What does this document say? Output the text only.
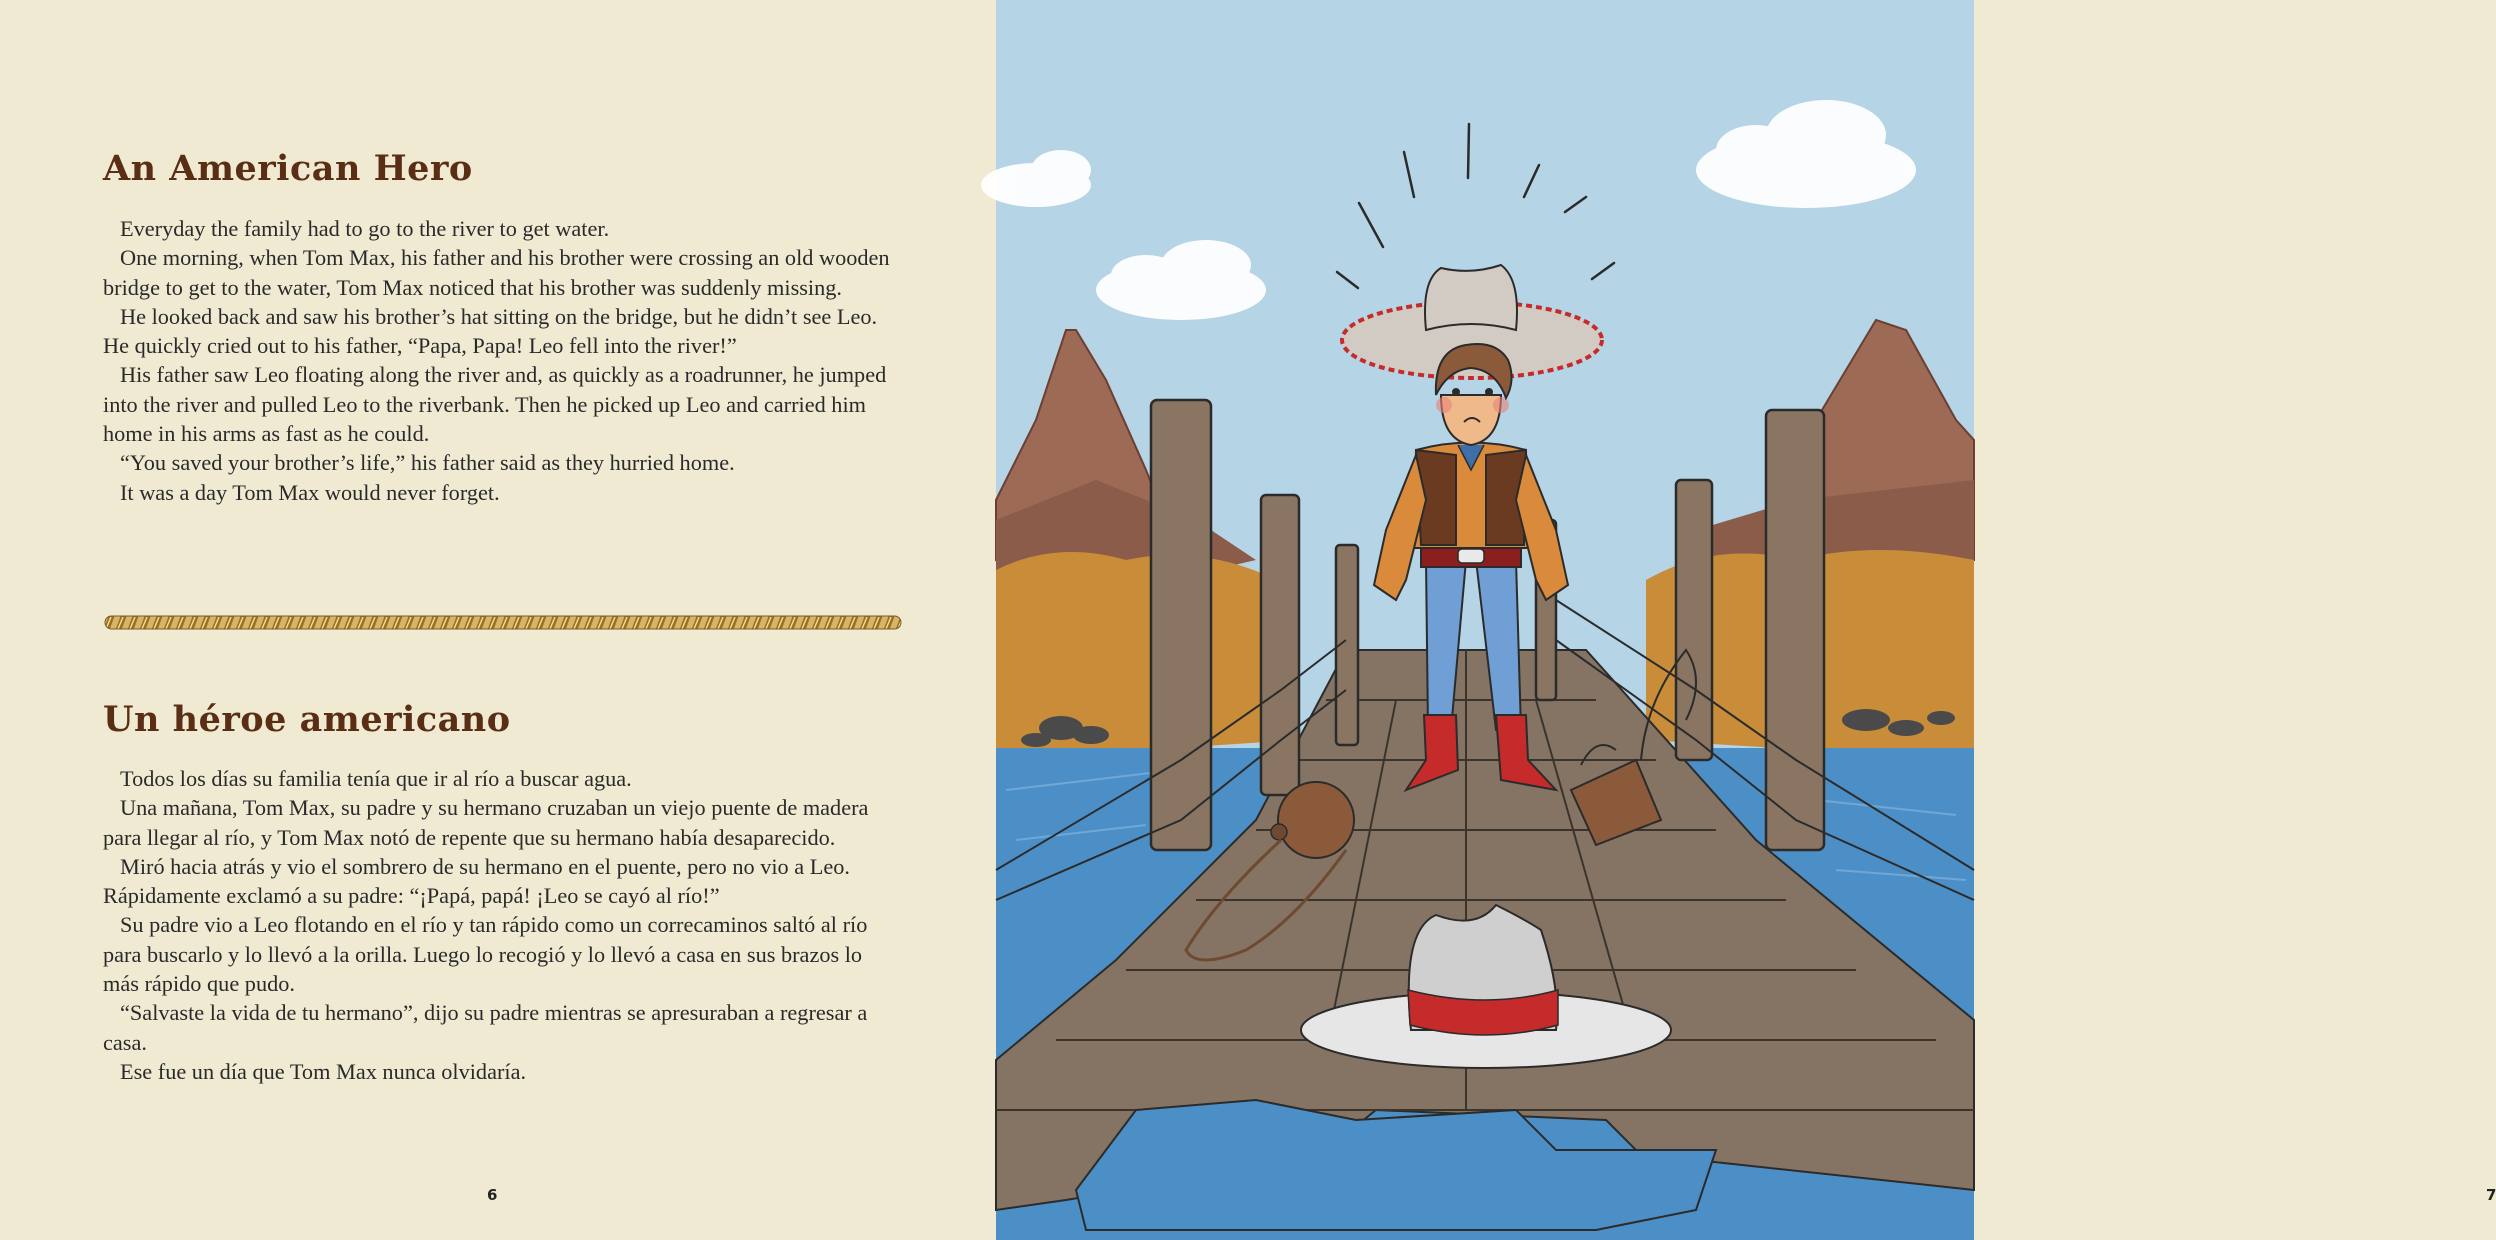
An American Hero

Everyday the family had to go to the river to get water.

One morning, when Tom Max, his father and his brother were crossing an old wooden bridge to get to the water, Tom Max noticed that his brother was suddenly missing.

He looked back and saw his brother’s hat sitting on the bridge, but he didn’t see Leo. He quickly cried out to his father, “Papa, Papa! Leo fell into the river!”

His father saw Leo floating along the river and, as quickly as a roadrunner, he jumped into the river and pulled Leo to the riverbank. Then he picked up Leo and carried him home in his arms as fast as he could.

“You saved your brother’s life,” his father said as they hurried home.

It was a day Tom Max would never forget.

Un héroe americano

Todos los días su familia tenía que ir al río a buscar agua.

Una mañana, Tom Max, su padre y su hermano cruzaban un viejo puente de madera para llegar al río, y Tom Max notó de repente que su hermano había desaparecido.

Miró hacia atrás y vio el sombrero de su hermano en el puente, pero no vio a Leo. Rápidamente exclamó a su padre: “¡Papá, papá! ¡Leo se cayó al río!”

Su padre vio a Leo flotando en el río y tan rápido como un correcaminos saltó al río para buscarlo y lo llevó a la orilla. Luego lo recogió y lo llevó a casa en sus brazos lo más rápido que pudo.

“Salvaste la vida de tu hermano”, dijo su padre mientras se apresuraban a regresar a casa.

Ese fue un día que Tom Max nunca olvidaría.

6	7
